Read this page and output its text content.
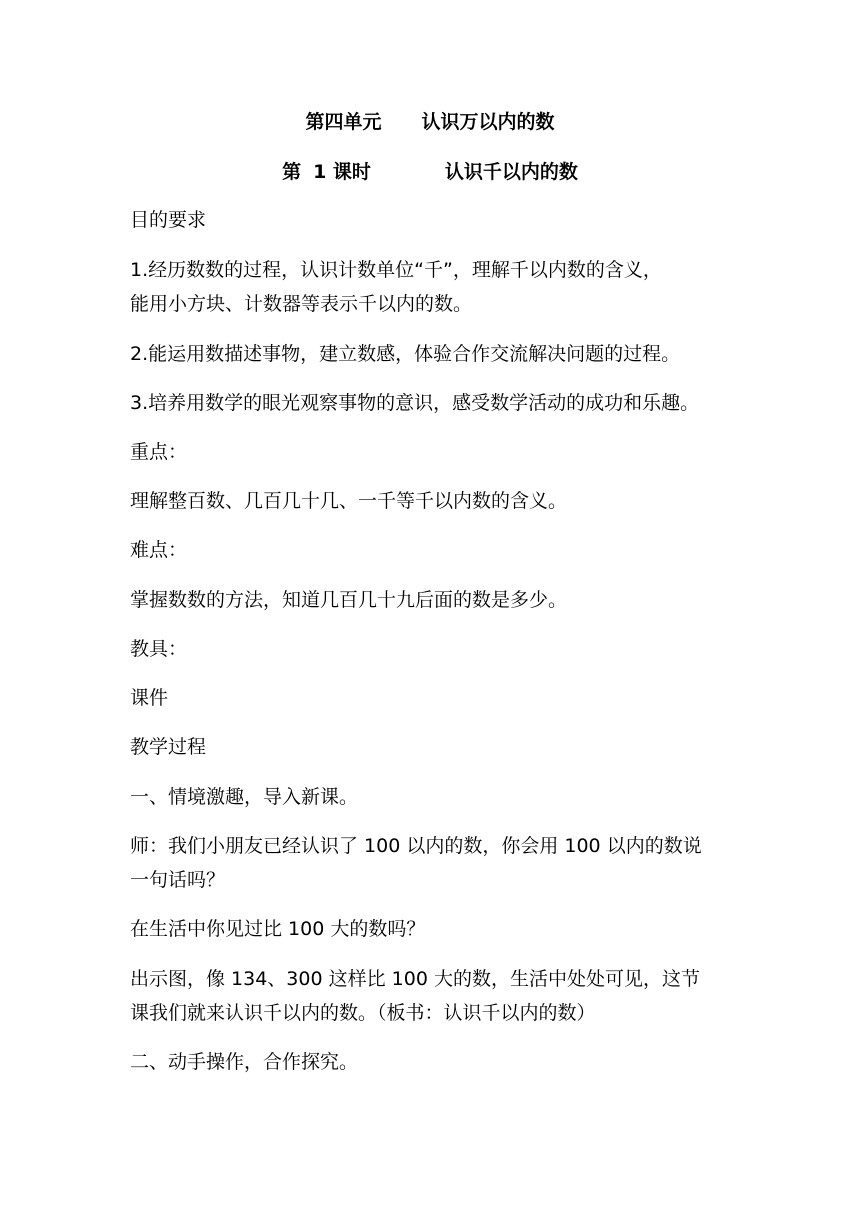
第四单元 认识万以内的数
第 1 课时	认识千以内的数

目的要求

1.经历数数的过程，认识计数单位“千”，理解千以内数的含义，

能用小方块、计数器等表示千以内的数。

2.能运用数描述事物，建立数感，体验合作交流解决问题的过程。

3.培养用数学的眼光观察事物的意识，感受数学活动的成功和乐趣。

重点：

理解整百数、几百几十几、一千等千以内数的含义。

难点：

掌握数数的方法，知道几百几十九后面的数是多少。

教具：

课件

教学过程

一、情境激趣，导入新课。

师：我们小朋友已经认识了 100 以内的数，你会用 100 以内的数说

一句话吗？

在生活中你见过比 100 大的数吗？

出示图，像 134、300 这样比 100 大的数，生活中处处可见，这节

课我们就来认识千以内的数。（板书：认识千以内的数）

二、动手操作，合作探究。
